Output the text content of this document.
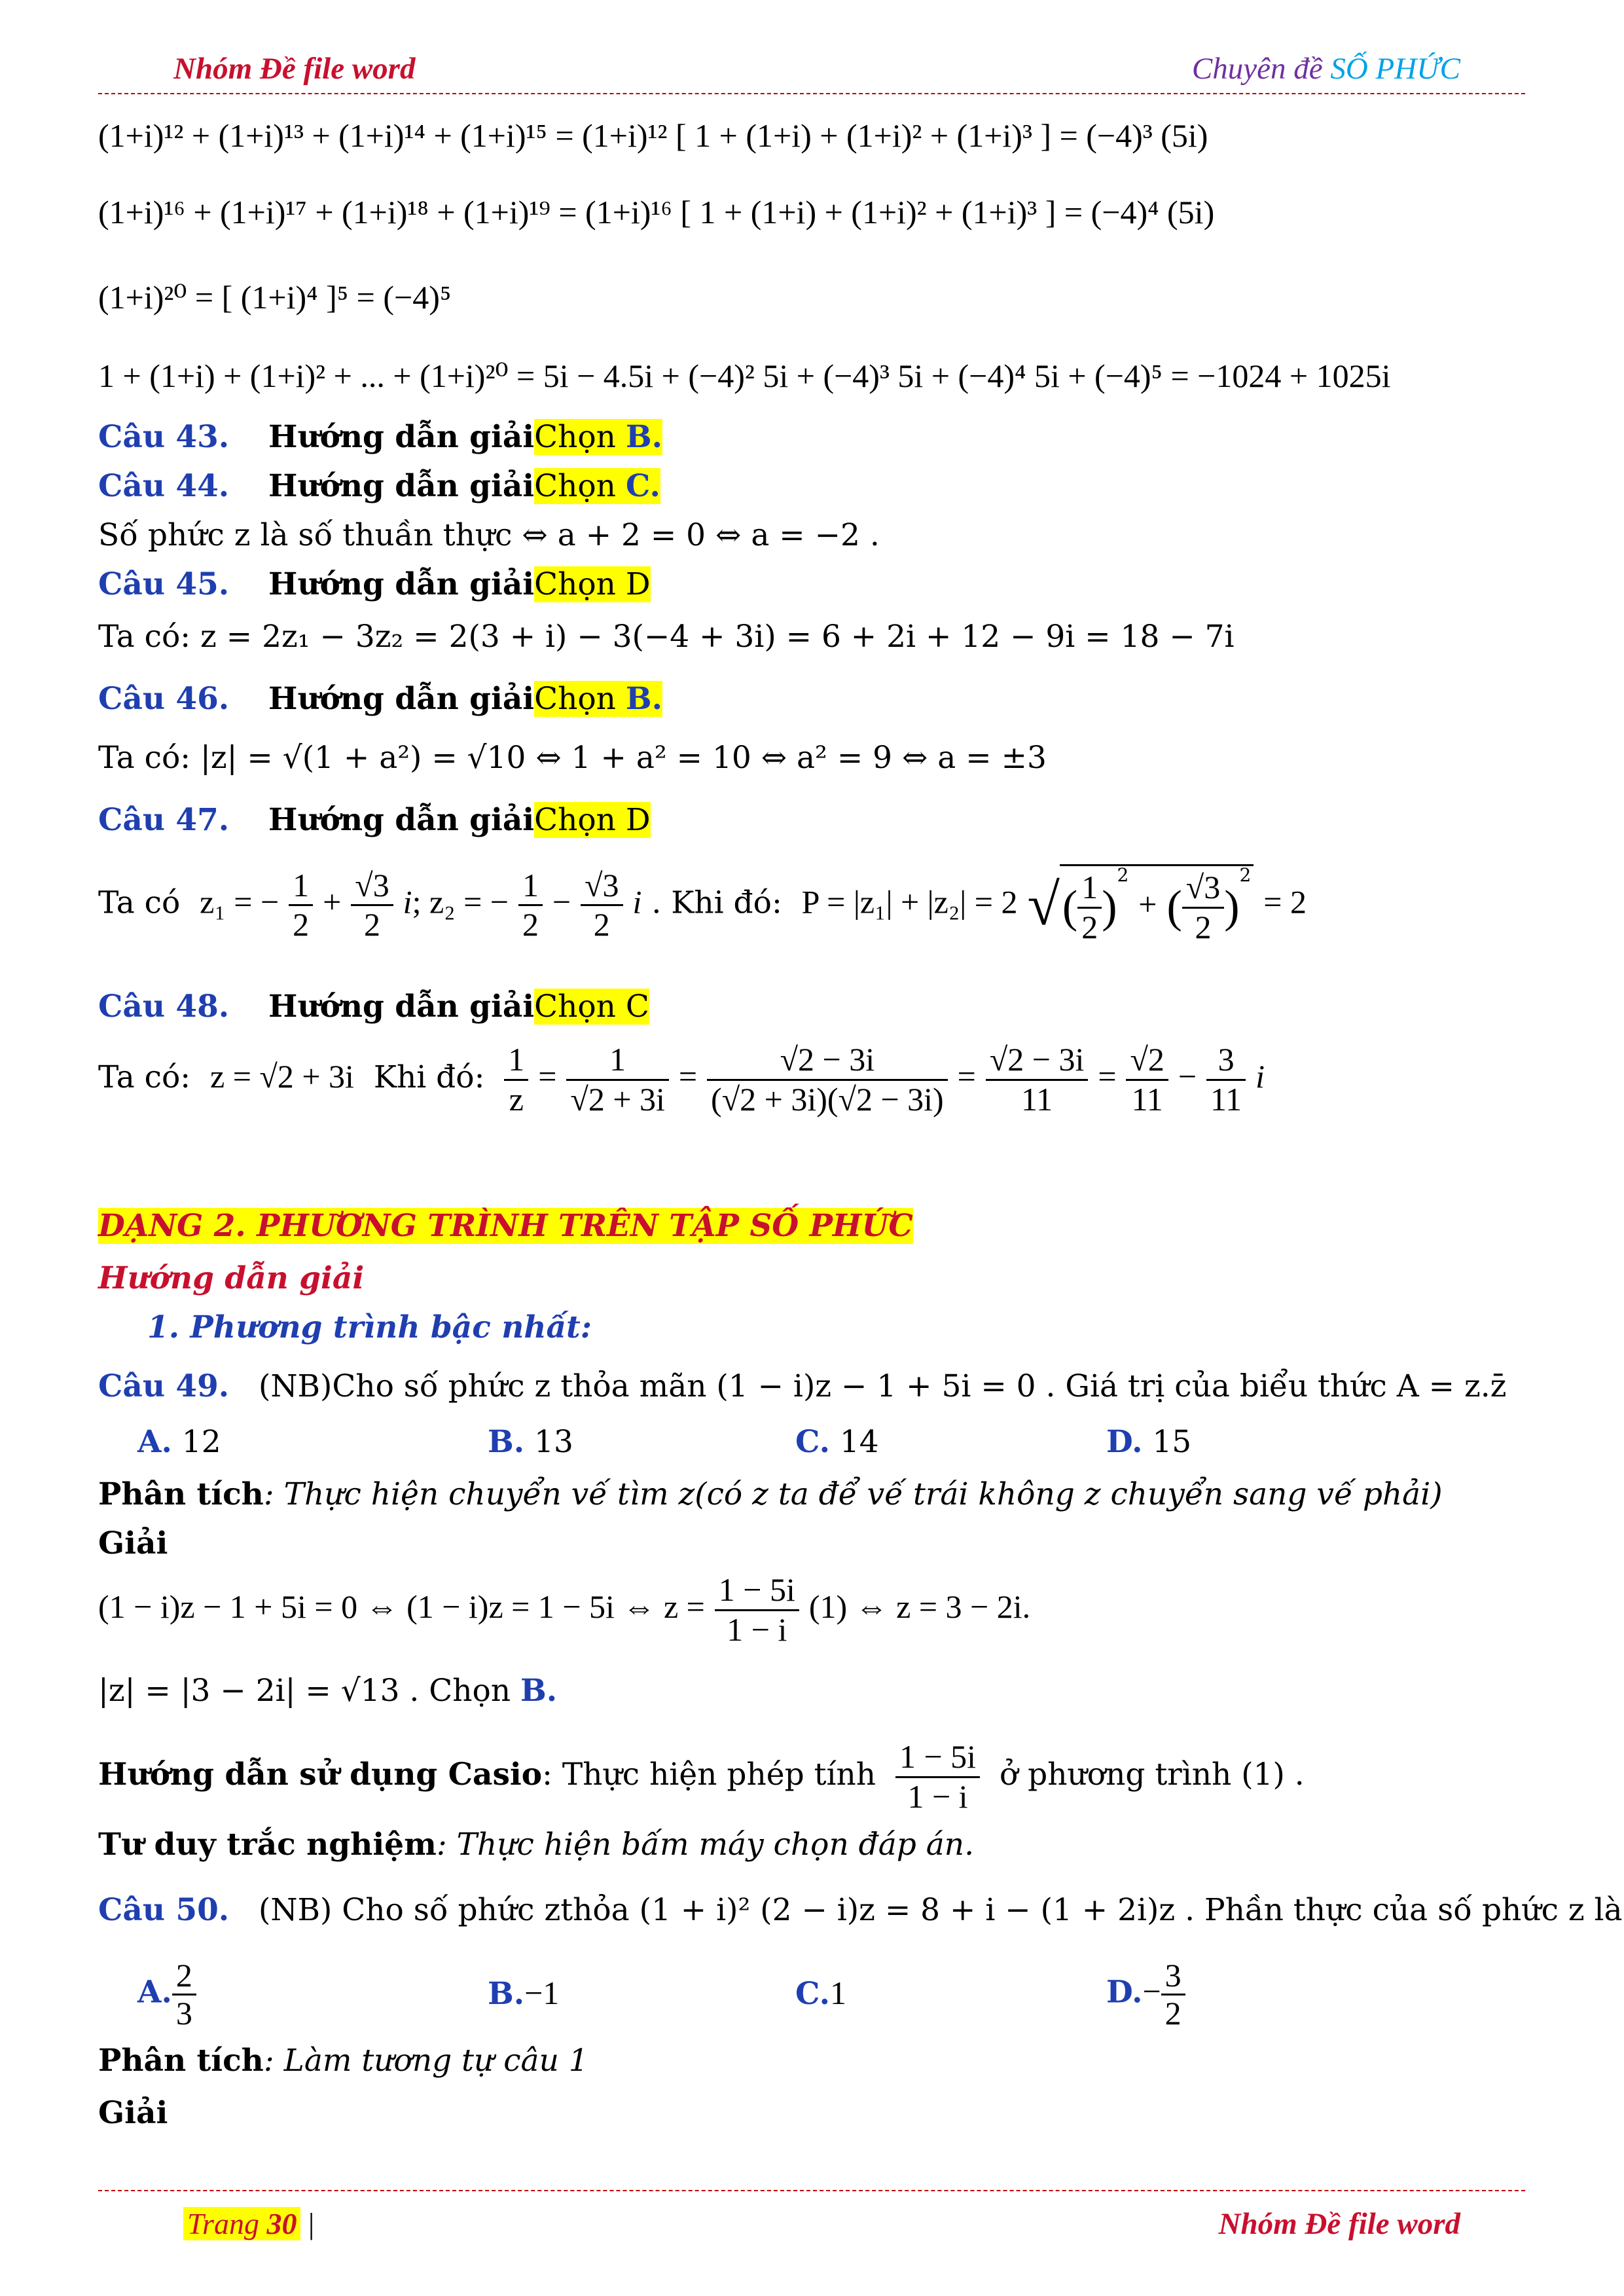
Nhóm Đề file word	Chuyên đề SỐ PHỨC
(1+i)¹² + (1+i)¹³ + (1+i)¹⁴ + (1+i)¹⁵ = (1+i)¹² [ 1 + (1+i) + (1+i)² + (1+i)³ ] = (−4)³ (5i)
(1+i)¹⁶ + (1+i)¹⁷ + (1+i)¹⁸ + (1+i)¹⁹ = (1+i)¹⁶ [ 1 + (1+i) + (1+i)² + (1+i)³ ] = (−4)⁴ (5i)
(1+i)²⁰ = [ (1+i)⁴ ]⁵ = (−4)⁵
1 + (1+i) + (1+i)² + ... + (1+i)²⁰ = 5i − 4.5i + (−4)² 5i + (−4)³ 5i + (−4)⁴ 5i + (−4)⁵ = −1024 + 1025i
Câu 43. Hướng dẫn giảiChọn B.
Câu 44. Hướng dẫn giảiChọn C.
Số phức z là số thuần thực ⇔ a + 2 = 0 ⇔ a = −2 .
Câu 45. Hướng dẫn giảiChọn D
Ta có: z = 2z₁ − 3z₂ = 2(3 + i) − 3(−4 + 3i) = 6 + 2i + 12 − 9i = 18 − 7i
Câu 46. Hướng dẫn giảiChọn B.
Ta có: |z| = √(1 + a²) = √10 ⇔ 1 + a² = 10 ⇔ a² = 9 ⇔ a = ±3
Câu 47. Hướng dẫn giảiChọn D
Ta có z₁ = − $\frac{1}{2} + \frac{√3}{2} i$; z₂ = − $\frac{1}{2} - \frac{√3}{2}$ i . Khi đó: P = |z₁| + |z₂| = 2 √( $\frac{1}{2} )^2$ + ( $\frac{√3}{2} )^2 = 2$
Câu 48. Hướng dẫn giảiChọn C
Ta có: z = √2 + 3i Khi đó: $\frac{1}{z} = \frac{1}{√2 + 3i} = \frac{√2 - 3i}{(√2 + 3i)(√2 - 3i)} = \frac{√2 - 3i}{11} = \frac{√2}{11} - \frac{3}{11}$ i
DẠNG 2. PHƯƠNG TRÌNH TRÊN TẬP SỐ PHỨC
Hướng dẫn giải
1. Phương trình bậc nhất:
Câu 49. (NB)Cho số phức z thỏa mãn (1 − i)z − 1 + 5i = 0 . Giá trị của biểu thức A = z.z̄
A. 12	B. 13	C. 14	D. 15
Phân tích: Thực hiện chuyển vế tìm z(có z ta để vế trái không z chuyển sang vế phải)
Giải
(1 − i)z − 1 + 5i = 0 ⇔ (1 − i)z = 1 − 5i ⇔ $z = \frac{1 - 5i}{1 - i} (1)$ ⇔ z = 3 − 2i.
|z| = |3 − 2i| = √13 . Chọn B.
Hướng dẫn sử dụng Casio: Thực hiện phép tính $\frac{1 - 5i}{1 - i}$ ở phương trình (1) .
Tư duy trắc nghiệm: Thực hiện bấm máy chọn đáp án.
Câu 50. (NB) Cho số phức zthỏa (1 + i)² (2 − i)z = 8 + i − (1 + 2i)z . Phần thực của số phức z là
A. $\frac{2}{3}$	B.−1	C.1	$D.- \frac{3}{2}$
Phân tích: Làm tương tự câu 1
Giải
Trang 30 |	Nhóm Đề file word
